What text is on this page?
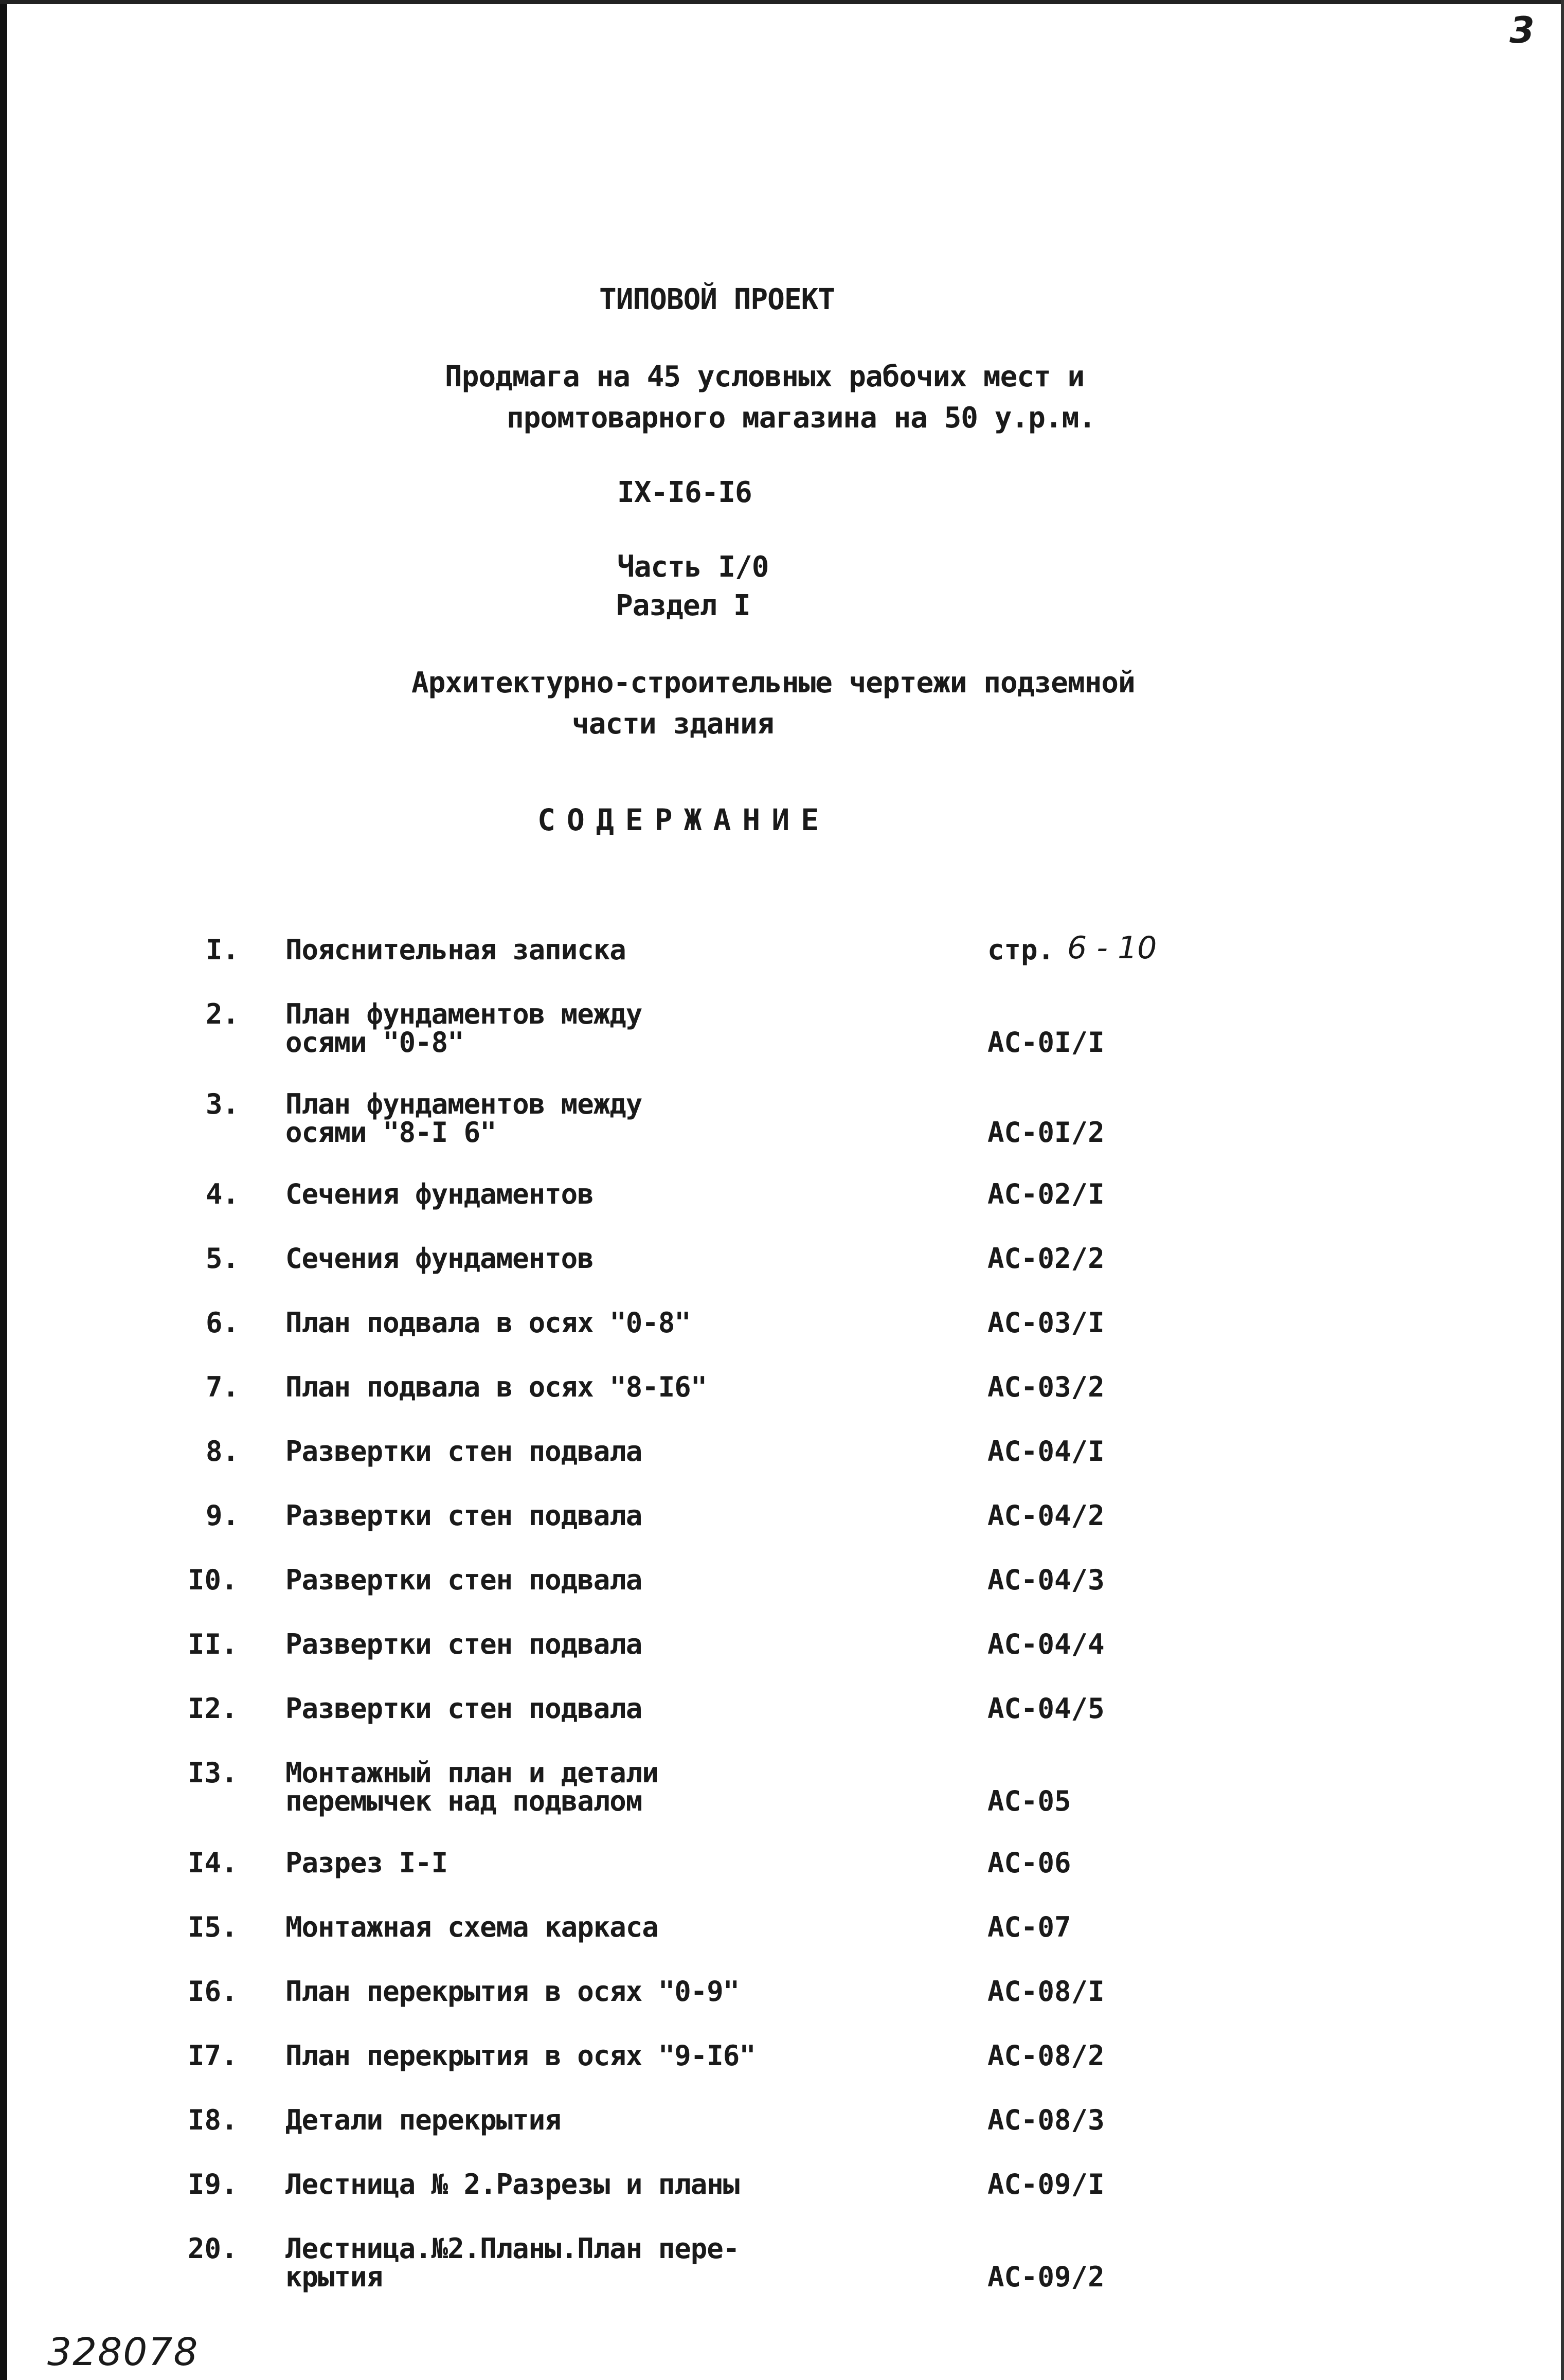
3
ТИПОВОЙ ПРОЕКТ
Продмага на 45 условных рабочих мест и
промтоварного магазина на 50 у.р.м.
IX-I6-I6
Часть I/0
Раздел I
Архитектурно-строительные чертежи подземной
части здания
СОДЕРЖАНИЕ
I. Пояснительная записка	стр. 6 - 10
2. План фундаментов между
осями "0-8"	АС-0I/I
3. План фундаментов между
осями "8-I 6"	АС-0I/2
4. Сечения фундаментов	АС-02/I
5. Сечения фундаментов	АС-02/2
6. План подвала в осях "0-8"	АС-03/I
7. План подвала в осях "8-I6"	АС-03/2
8. Развертки стен подвала	АС-04/I
9. Развертки стен подвала	АС-04/2
I0. Развертки стен подвала	АС-04/3
II. Развертки стен подвала	АС-04/4
I2. Развертки стен подвала	АС-04/5
I3. Монтажный план и детали
перемычек над подвалом	АС-05
I4. Разрез I-I	АС-06
I5. Монтажная схема каркаса	АС-07
I6. План перекрытия в осях "0-9"	АС-08/I
I7. План перекрытия в осях "9-I6"	АС-08/2
I8. Детали перекрытия	АС-08/3
I9. Лестница № 2.Разрезы и планы	АС-09/I
20. Лестница.№2.Планы.План пере-
крытия	АС-09/2
328078
